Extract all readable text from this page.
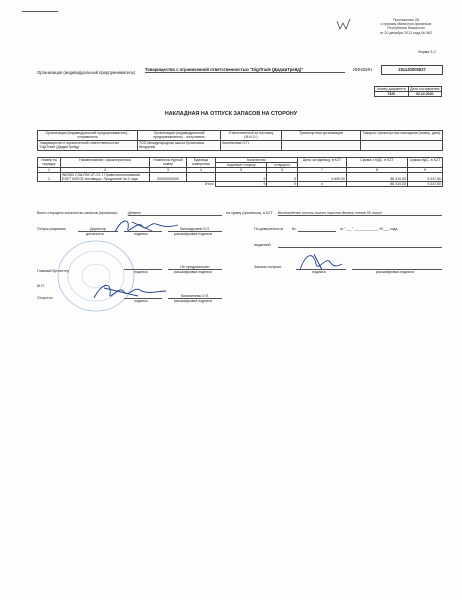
Приложение 26
к приказу Министра финансов
Республики Казахстан
от 20 декабря 2012 года № 562
Форма З-2
Организация (индивидуальный предприниматель)
Товарищество с ограниченной ответственностью "DigiTrade (ДиджиТрейд)"	ИИН/БИН	191140000627
Номер документа	Дата составления
7320	02.12.2020
НАКЛАДНАЯ НА ОТПУСК ЗАПАСОВ НА СТОРОНУ
Организация (индивидуальный предприниматель) - отправитель	Организация (индивидуальный предприниматель) - получатель	Ответственный за поставку (Ф.И.О.)	Транспортная организация	Товарно-транспортная накладная (номер, дата)
Товарищество с ограниченной ответственностью "DigiTrade (ДиджиТрейд)"	ТОО Международная школа Ерлиновых Кендірлик	Калиничева О.П.		
Номер по порядку	Наименование, характеристика	Номенкла-турный номер	Единица измерения	Количество		Цена за единицу, в KZT	Сумма с НДС, в KZT	Сумма НДС, в KZT
				подлежит отпуску	отпущено			
1	2	3	4	5	6	7	8	9
1	WDS50 СЛА-РАУ-0Т-У2-7 Право использования ESET NOD32 Антивирус. Продление на 2 года	00000000039		9	9	9 690,00	86 310,00	9 247,50
Итого				9	9	х	86 310,00	9 247,50
Всего отпущено количество запасов (прописью)	Девять	на сумму (прописью), в KZT Восемьдесят шесть тысяч триста десять тенге 00 тиын
Отпуск разрешил	Директор
	Кальмурзаев О.П.
должность	подпись	расшифровка подписи
Главный бухгалтер

Не предусмотрен
подпись	расшифровка подписи
М.П.
Отпустил
	Калиничева О.П.
подпись	расшифровка подписи
По доверенности	№
	от "___" ____________ 20___ года
выданной

Запасы получил

подпись	расшифровка подписи
